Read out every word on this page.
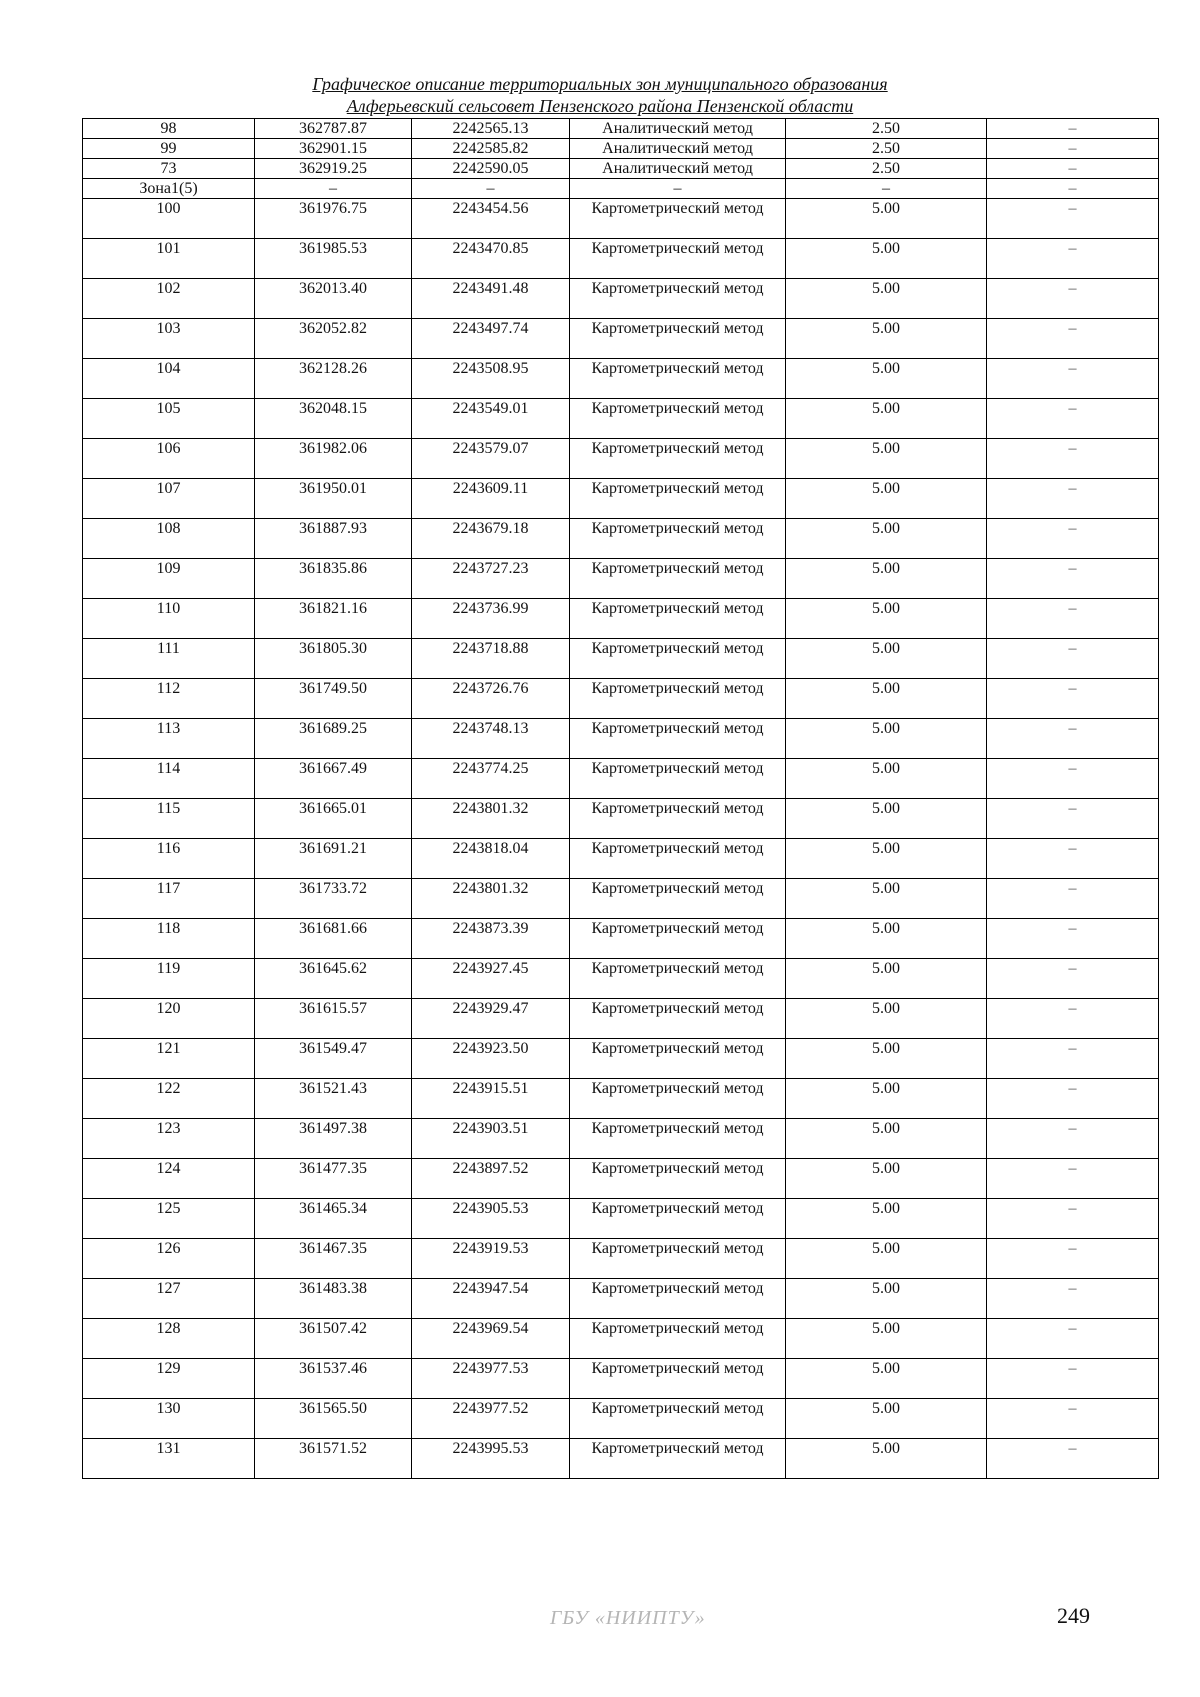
Графическое описание территориальных зон муниципального образования
Алферьевский сельсовет Пензенского района Пензенской области
98	362787.87	2242565.13	Аналитический метод	2.50	–
99	362901.15	2242585.82	Аналитический метод	2.50	–
73	362919.25	2242590.05	Аналитический метод	2.50	–
Зона1(5)	–	–	–	–	–
100	361976.75	2243454.56	Картометрический метод	5.00	–
101	361985.53	2243470.85	Картометрический метод	5.00	–
102	362013.40	2243491.48	Картометрический метод	5.00	–
103	362052.82	2243497.74	Картометрический метод	5.00	–
104	362128.26	2243508.95	Картометрический метод	5.00	–
105	362048.15	2243549.01	Картометрический метод	5.00	–
106	361982.06	2243579.07	Картометрический метод	5.00	–
107	361950.01	2243609.11	Картометрический метод	5.00	–
108	361887.93	2243679.18	Картометрический метод	5.00	–
109	361835.86	2243727.23	Картометрический метод	5.00	–
110	361821.16	2243736.99	Картометрический метод	5.00	–
111	361805.30	2243718.88	Картометрический метод	5.00	–
112	361749.50	2243726.76	Картометрический метод	5.00	–
113	361689.25	2243748.13	Картометрический метод	5.00	–
114	361667.49	2243774.25	Картометрический метод	5.00	–
115	361665.01	2243801.32	Картометрический метод	5.00	–
116	361691.21	2243818.04	Картометрический метод	5.00	–
117	361733.72	2243801.32	Картометрический метод	5.00	–
118	361681.66	2243873.39	Картометрический метод	5.00	–
119	361645.62	2243927.45	Картометрический метод	5.00	–
120	361615.57	2243929.47	Картометрический метод	5.00	–
121	361549.47	2243923.50	Картометрический метод	5.00	–
122	361521.43	2243915.51	Картометрический метод	5.00	–
123	361497.38	2243903.51	Картометрический метод	5.00	–
124	361477.35	2243897.52	Картометрический метод	5.00	–
125	361465.34	2243905.53	Картометрический метод	5.00	–
126	361467.35	2243919.53	Картометрический метод	5.00	–
127	361483.38	2243947.54	Картометрический метод	5.00	–
128	361507.42	2243969.54	Картометрический метод	5.00	–
129	361537.46	2243977.53	Картометрический метод	5.00	–
130	361565.50	2243977.52	Картометрический метод	5.00	–
131	361571.52	2243995.53	Картометрический метод	5.00	–
ГБУ «НИИПТУ»	249
